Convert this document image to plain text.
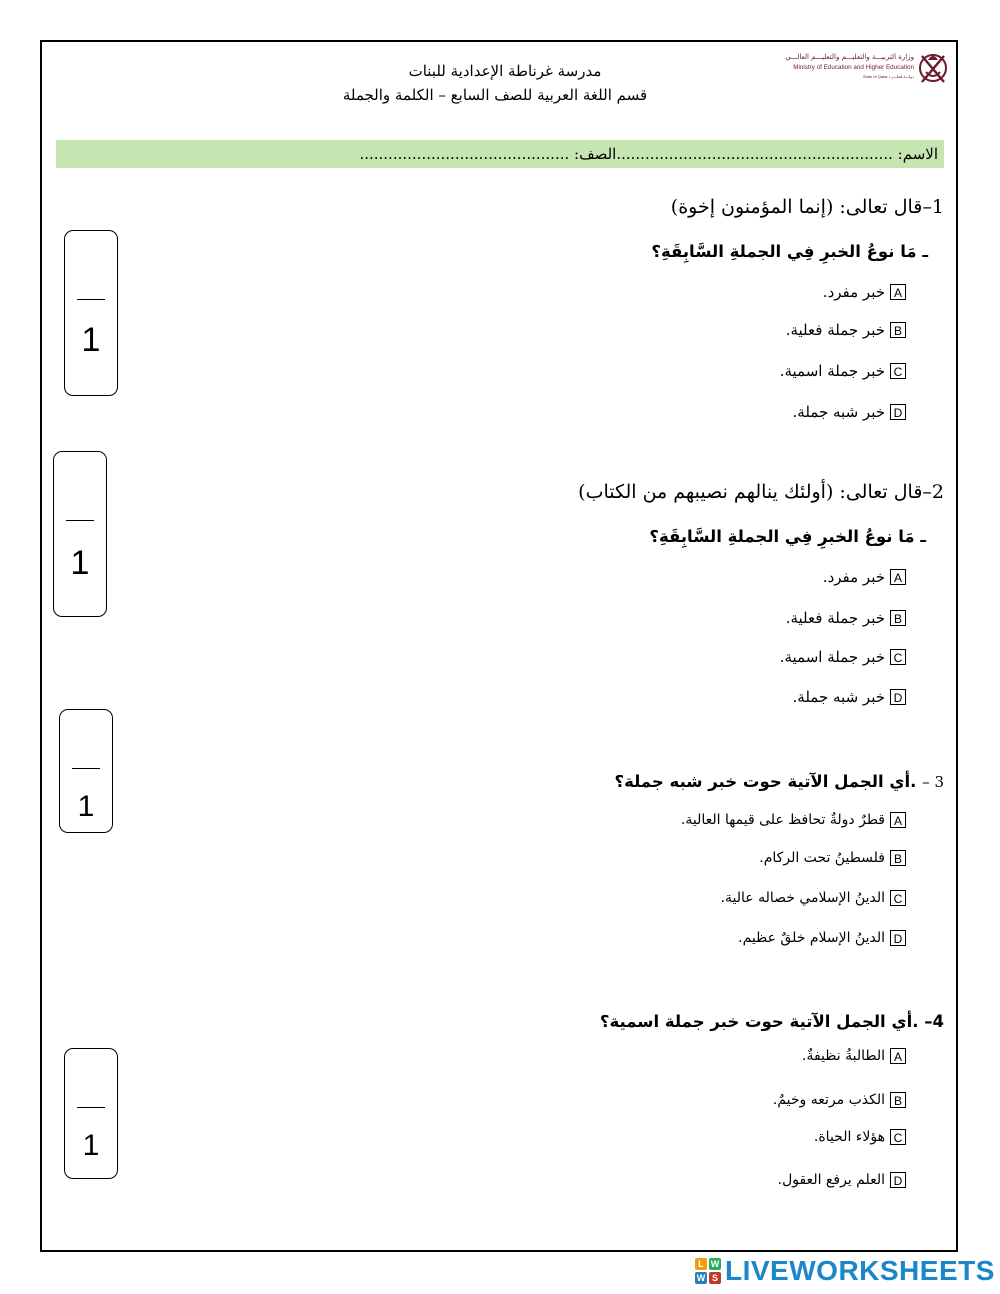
وزارة التربيـــة والتعليـــم والتعليـــم العالـــي
Ministry of Education and Higher Education
State of Qatar • دولـــة قطـــر
مدرسة غرناطة الإعدادية للبنات
قسم اللغة العربية للصف السابع – الكلمة والجملة
الاسم: ..........................................................الصف: ............................................
1–قال تعالى: (إنما المؤمنون إخوة)
ـ مَا نوعُ الخبرِ فِي الجملةِ السَّابِقَةِ؟
A
خبر مفرد.
B
خبر جملة فعلية.
C
خبر جملة اسمية.
D
خبر شبه جملة.
1
2–قال تعالى: (أولئك ينالهم نصيبهم من الكتاب)
ـ مَا نوعُ الخبرِ فِي الجملةِ السَّابِقَةِ؟
A
خبر مفرد.
B
خبر جملة فعلية.
C
خبر جملة اسمية.
D
خبر شبه جملة.
1
3 – .أي الجمل الآتية حوت خبر شبه جملة؟
A
قطرٌ دولةٌ تحافظ على قيمها العالية.
B
فلسطينُ تحت الركام.
C
الدينُ الإسلامي خصاله عالية.
D
الدينُ الإسلام خلقٌ عظيم.
1
4– .أي الجمل الآتية حوت خبر جملة اسمية؟
A
الطالبةُ نظيفةٌ.
B
الكذب مرتعه وخيمٌ.
C
هؤلاء الحياة.
D
العلم يرفع العقول.
1
L W
W S LIVEWORKSHEETS
